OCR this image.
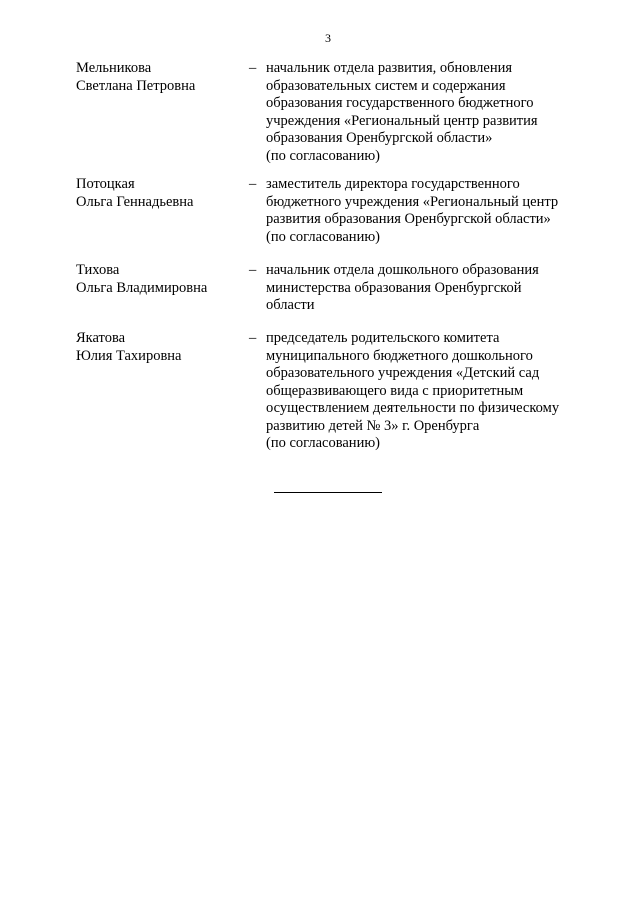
3
Мельникова
Светлана Петровна
– начальник отдела развития, обновления
образовательных систем и содержания
образования государственного бюджетного
учреждения «Региональный центр развития
образования Оренбургской области»
(по согласованию)
Потоцкая
Ольга Геннадьевна
– заместитель директора государственного
бюджетного учреждения «Региональный центр
развития образования Оренбургской области»
(по согласованию)
Тихова
Ольга Владимировна
– начальник отдела дошкольного образования
министерства образования Оренбургской
области
Якатова
Юлия Тахировна
– председатель родительского комитета
муниципального бюджетного дошкольного
образовательного учреждения «Детский сад
общеразвивающего вида с приоритетным
осуществлением деятельности по физическому
развитию детей № 3» г. Оренбурга
(по согласованию)
